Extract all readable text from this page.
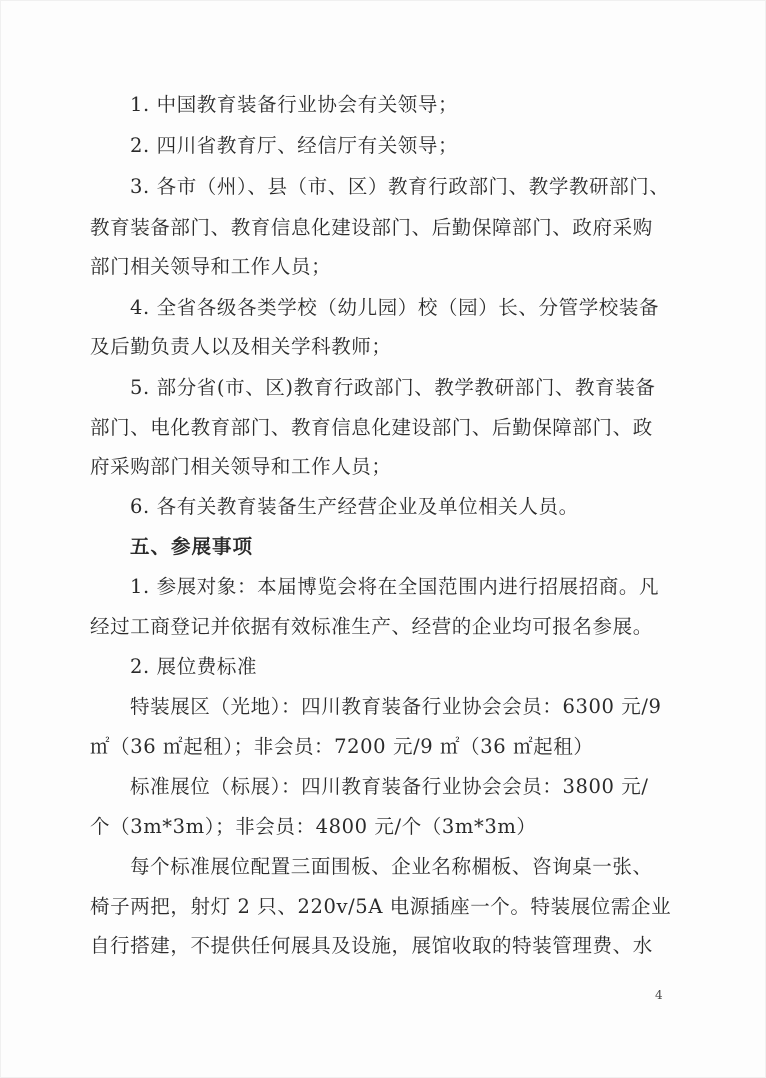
1. 中国教育装备行业协会有关领导；
2. 四川省教育厅、经信厅有关领导；
3. 各市（州）、县（市、区）教育行政部门、教学教研部门、
教育装备部门、教育信息化建设部门、后勤保障部门、政府采购
部门相关领导和工作人员；
4. 全省各级各类学校（幼儿园）校（园）长、分管学校装备
及后勤负责人以及相关学科教师；
5. 部分省(市、区)教育行政部门、教学教研部门、教育装备
部门、电化教育部门、教育信息化建设部门、后勤保障部门、政
府采购部门相关领导和工作人员；
6. 各有关教育装备生产经营企业及单位相关人员。
五、参展事项
1. 参展对象：本届博览会将在全国范围内进行招展招商。凡
经过工商登记并依据有效标准生产、经营的企业均可报名参展。
2. 展位费标准
特装展区（光地）：四川教育装备行业协会会员：6300 元/9
㎡（36 ㎡起租）；非会员：7200 元/9 ㎡（36 ㎡起租）
标准展位（标展）：四川教育装备行业协会会员：3800 元/
个（3m*3m）；非会员：4800 元/个（3m*3m）
每个标准展位配置三面围板、企业名称楣板、咨询桌一张、
椅子两把，射灯 2 只、220v/5A 电源插座一个。特装展位需企业
自行搭建，不提供任何展具及设施，展馆收取的特装管理费、水
4
